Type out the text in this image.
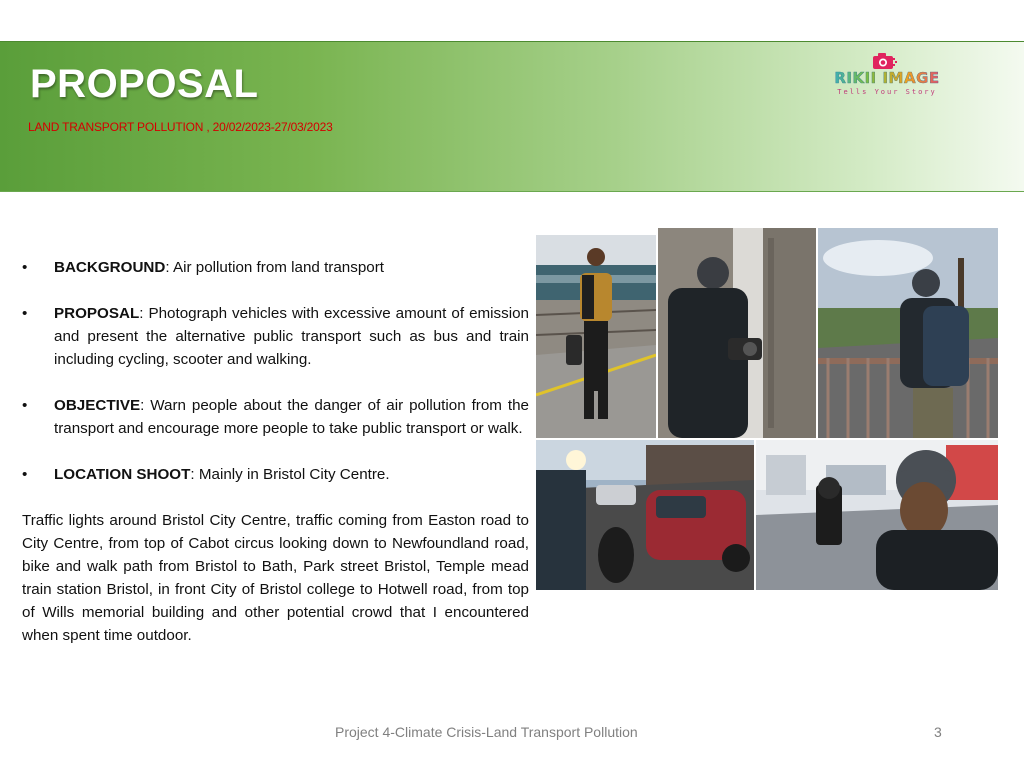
PROPOSAL
LAND TRANSPORT POLLUTION , 20/02/2023-27/03/2023
RIKII IMAGE
Tells Your Story
• BACKGROUND: Air pollution from land transport
• PROPOSAL: Photograph vehicles with excessive amount of emission and present the alternative public transport such as bus and train including cycling, scooter and walking.
• OBJECTIVE: Warn people about the danger of air pollution from the transport and encourage more people to take public transport or walk.
• LOCATION SHOOT: Mainly in Bristol City Centre.

Traffic lights around Bristol City Centre, traffic coming from Easton road to City Centre, from top of Cabot circus looking down to Newfoundland road, bike and walk path from Bristol to Bath, Park street Bristol, Temple mead train station Bristol, in front City of Bristol college to Hotwell road, from top of Wills memorial building and other potential crowd that I encountered when spent time outdoor.

Project 4-Climate Crisis-Land Transport Pollution	3
